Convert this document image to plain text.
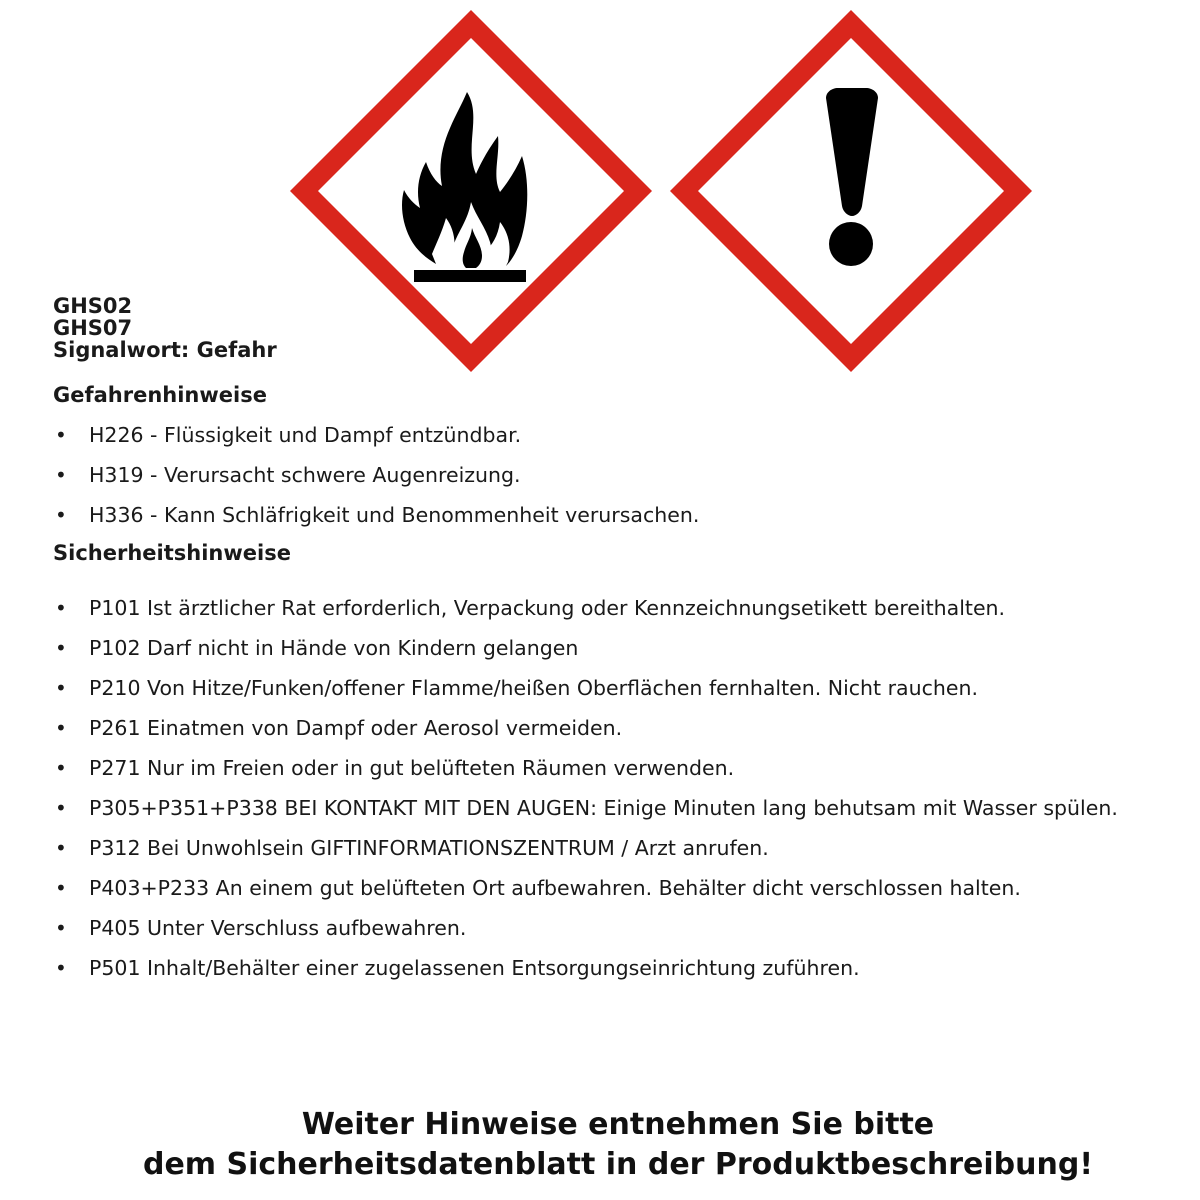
GHS02
GHS07
Signalwort: Gefahr
Gefahrenhinweise
• H226 - Flüssigkeit und Dampf entzündbar.
• H319 - Verursacht schwere Augenreizung.
• H336 - Kann Schläfrigkeit und Benommenheit verursachen.
Sicherheitshinweise
• P101 Ist ärztlicher Rat erforderlich, Verpackung oder Kennzeichnungsetikett bereithalten.
• P102 Darf nicht in Hände von Kindern gelangen
• P210 Von Hitze/Funken/offener Flamme/heißen Oberflächen fernhalten. Nicht rauchen.
• P261 Einatmen von Dampf oder Aerosol vermeiden.
• P271 Nur im Freien oder in gut belüfteten Räumen verwenden.
• P305+P351+P338 BEI KONTAKT MIT DEN AUGEN: Einige Minuten lang behutsam mit Wasser spülen.
• P312 Bei Unwohlsein GIFTINFORMATIONSZENTRUM / Arzt anrufen.
• P403+P233 An einem gut belüfteten Ort aufbewahren. Behälter dicht verschlossen halten.
• P405 Unter Verschluss aufbewahren.
• P501 Inhalt/Behälter einer zugelassenen Entsorgungseinrichtung zuführen.
Weiter Hinweise entnehmen Sie bitte
dem Sicherheitsdatenblatt in der Produktbeschreibung!
